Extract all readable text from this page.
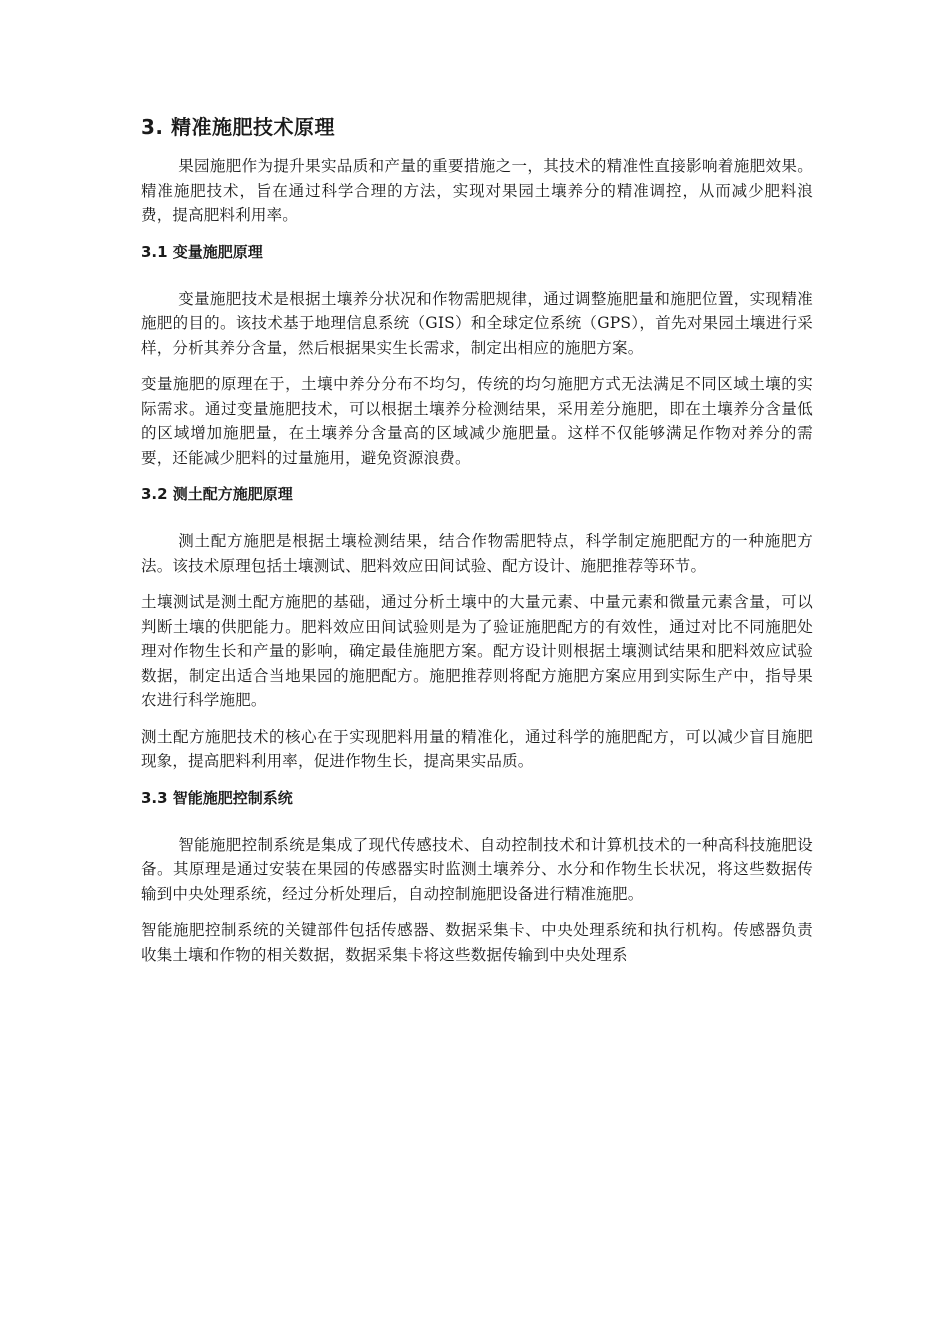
3. 精准施肥技术原理

果园施肥作为提升果实品质和产量的重要措施之一，其技术的精准性直接影响着施肥效果。精准施肥技术，旨在通过科学合理的方法，实现对果园土壤养分的精准调控，从而减少肥料浪费，提高肥料利用率。

3.1 变量施肥原理

变量施肥技术是根据土壤养分状况和作物需肥规律，通过调整施肥量和施肥位置，实现精准施肥的目的。该技术基于地理信息系统（GIS）和全球定位系统（GPS），首先对果园土壤进行采样，分析其养分含量，然后根据果实生长需求，制定出相应的施肥方案。

变量施肥的原理在于，土壤中养分分布不均匀，传统的均匀施肥方式无法满足不同区域土壤的实际需求。通过变量施肥技术，可以根据土壤养分检测结果，采用差分施肥，即在土壤养分含量低的区域增加施肥量，在土壤养分含量高的区域减少施肥量。这样不仅能够满足作物对养分的需要，还能减少肥料的过量施用，避免资源浪费。

3.2 测土配方施肥原理

测土配方施肥是根据土壤检测结果，结合作物需肥特点，科学制定施肥配方的一种施肥方法。该技术原理包括土壤测试、肥料效应田间试验、配方设计、施肥推荐等环节。

土壤测试是测土配方施肥的基础，通过分析土壤中的大量元素、中量元素和微量元素含量，可以判断土壤的供肥能力。肥料效应田间试验则是为了验证施肥配方的有效性，通过对比不同施肥处理对作物生长和产量的影响，确定最佳施肥方案。配方设计则根据土壤测试结果和肥料效应试验数据，制定出适合当地果园的施肥配方。施肥推荐则将配方施肥方案应用到实际生产中，指导果农进行科学施肥。

测土配方施肥技术的核心在于实现肥料用量的精准化，通过科学的施肥配方，可以减少盲目施肥现象，提高肥料利用率，促进作物生长，提高果实品质。

3.3 智能施肥控制系统

智能施肥控制系统是集成了现代传感技术、自动控制技术和计算机技术的一种高科技施肥设备。其原理是通过安装在果园的传感器实时监测土壤养分、水分和作物生长状况，将这些数据传输到中央处理系统，经过分析处理后，自动控制施肥设备进行精准施肥。

智能施肥控制系统的关键部件包括传感器、数据采集卡、中央处理系统和执行机构。传感器负责收集土壤和作物的相关数据，数据采集卡将这些数据传输到中央处理系
